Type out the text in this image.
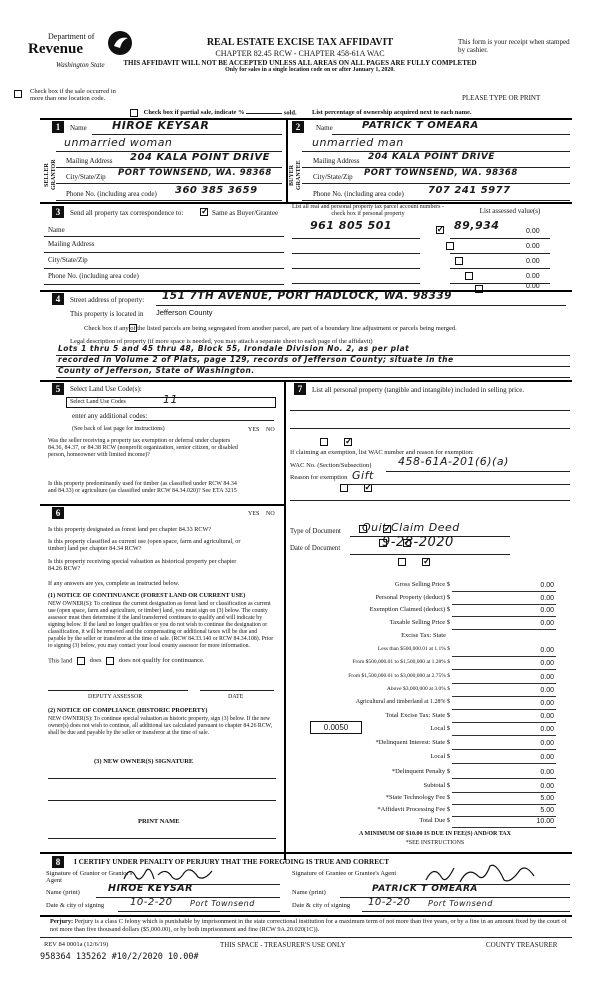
Department of
Revenue
Washington State
REAL ESTATE EXCISE TAX AFFIDAVIT
CHAPTER 82.45 RCW - CHAPTER 458-61A WAC
THIS AFFIDAVIT WILL NOT BE ACCEPTED UNLESS ALL AREAS ON ALL PAGES ARE FULLY COMPLETED
Only for sales in a single location code on or after January 1, 2020.
This form is your receipt when stamped by cashier.
PLEASE TYPE OR PRINT
Check box if the sale occurred in more than one location code.
Check box if partial sale, indicate %	sold. List percentage of ownership acquired next to each name.
1
SELLER GRANTOR
Name HIROE KEYSAR
unmarried woman
Mailing Address 204 KALA POINT DRIVE
City/State/Zip PORT TOWNSEND, WA. 98368
Phone No. (including area code) 360 385 3659
2
BUYER GRANTEE
Name	PATRICK T OMEARA
unmarried man
Mailing Address 204 KALA POINT DRIVE
City/State/Zip PORT TOWNSEND, WA. 98368
Phone No. (including area code) 707 241 5977
3	Send all property tax correspondence to: ✓	Same as Buyer/Grantee
List all real and personal property tax parcel account numbers - check box if personal property	List assessed value(s)
Name
Mailing Address
City/State/Zip
Phone No. (including area code)
961 805 501 ✓	89,934	0.00

0.00

0.00

0.00

0.00
4	Street address of property: 151 7TH AVENUE, PORT HADLOCK, WA. 98339
This property is located in Jefferson County

Check box if any of the listed parcels are being segregated from another parcel, are part of a boundary line adjustment or parcels being merged.
Legal description of property (if more space is needed, you may attach a separate sheet to each page of the affidavit)
Lots 1 thru 5 and 45 thru 48, Block 55, Irondale Division No. 2, as per plat
recorded in Volume 2 of Plats, page 129, records of Jefferson County; situate in the
County of Jefferson, State of Washington.
5	Select Land Use Code(s):	7	List all personal property (tangible and intangible) included in selling price.
Select Land Use Codes	11
enter any additional codes:
(See back of last page for instructions)	YES NO
Was the seller receiving a property tax exemption or deferral under chapters 84.36, 84.37, or 84.38 RCW (nonprofit organization, senior citizen, or disabled person, homeowner with limited income)?
✓
Is this property predominantly used for timber (as classified under RCW 84.34 and 84.33) or agriculture (as classified under RCW 84.34.020)? See ETA 3215
✓
6	YES NO
Is this property designated as forest land per chapter 84.33 RCW?
✓
Is this property classified as current use (open space, farm and agricultural, or timber) land per chapter 84.34 RCW?
✓
Is this property receiving special valuation as historical property per chapter 84.26 RCW?
✓
If any answers are yes, complete as instructed below.
(1) NOTICE OF CONTINUANCE (FOREST LAND OR CURRENT USE)
NEW OWNER(S): To continue the current designation as forest land or classification as current use (open space, farm and agriculture, or timber) land, you must sign on (3) below. The county assessor must then determine if the land transferred continues to qualify and will indicate by signing below. If the land no longer qualifies or you do not wish to continue the designation or classification, it will be removed and the compensating or additional taxes will be due and payable by the seller or transferor at the time of sale. (RCW 84.33.140 or RCW 84.34.108). Prior to signing (3) below, you may contact your local county assessor for more information.
This land	does	does not qualify for continuance.
DEPUTY ASSESSOR	DATE
(2) NOTICE OF COMPLIANCE (HISTORIC PROPERTY)
NEW OWNER(S): To continue special valuation as historic property, sign (3) below. If the new owner(s) does not wish to continue, all additional tax calculated pursuant to chapter 84.26 RCW, shall be due and payable by the seller or transferor at the time of sale.
(3) NEW OWNER(S) SIGNATURE
PRINT NAME
If claiming an exemption, list WAC number and reason for exemption:
WAC No. (Section/Subsection) 458-61A-201(6)(a)
Reason for exemption Gift
Type of Document Quit Claim Deed
Date of Document	9-28-2020
Gross Selling Price $	0.00
Personal Property (deduct) $	0.00
Exemption Claimed (deduct) $	0.00
Taxable Selling Price $	0.00
Excise Tax: State
Less than $500,000.01 at 1.1% $	0.00
From $500,000.01 to $1,500,000 at 1.28% $	0.00
From $1,500,000.01 to $3,000,000 at 2.75% $	0.00
Above $3,000,000 at 3.0% $	0.00
Agricultural and timberland at 1.28% $	0.00
Total Excise Tax: State $	0.00
0.0050	Local $	0.00
*Delinquent Interest: State $	0.00
Local $	0.00
*Delinquent Penalty $	0.00
Subtotal $	0.00
*State Technology Fee $	5.00
*Affidavit Processing Fee $	5.00
Total Due $	10.00
A MINIMUM OF $10.00 IS DUE IN FEE(S) AND/OR TAX
*SEE INSTRUCTIONS
8	I CERTIFY UNDER PENALTY OF PERJURY THAT THE FOREGOING IS TRUE AND CORRECT
Signature of Grantor or Grantor's Agent
Signature of Grantee or Grantee's Agent
Name (print)	HIROE KEYSAR	Name (print)	PATRICK T OMEARA
Date & city of signing	10-2-20 Port Townsend	Date & city of signing 10-2-20 Port Townsend
Perjury: Perjury is a class C felony which is punishable by imprisonment in the state correctional institution for a maximum term of not more than five years, or by a fine in an amount fixed by the court of not more than five thousand dollars ($5,000.00), or by both imprisonment and fine (RCW 9A.20.020(1C)).
REV 84 0001a (12/6/19)	THIS SPACE - TREASURER'S USE ONLY	COUNTY TREASURER
958364 135262 #10/2/2020 10.00#
